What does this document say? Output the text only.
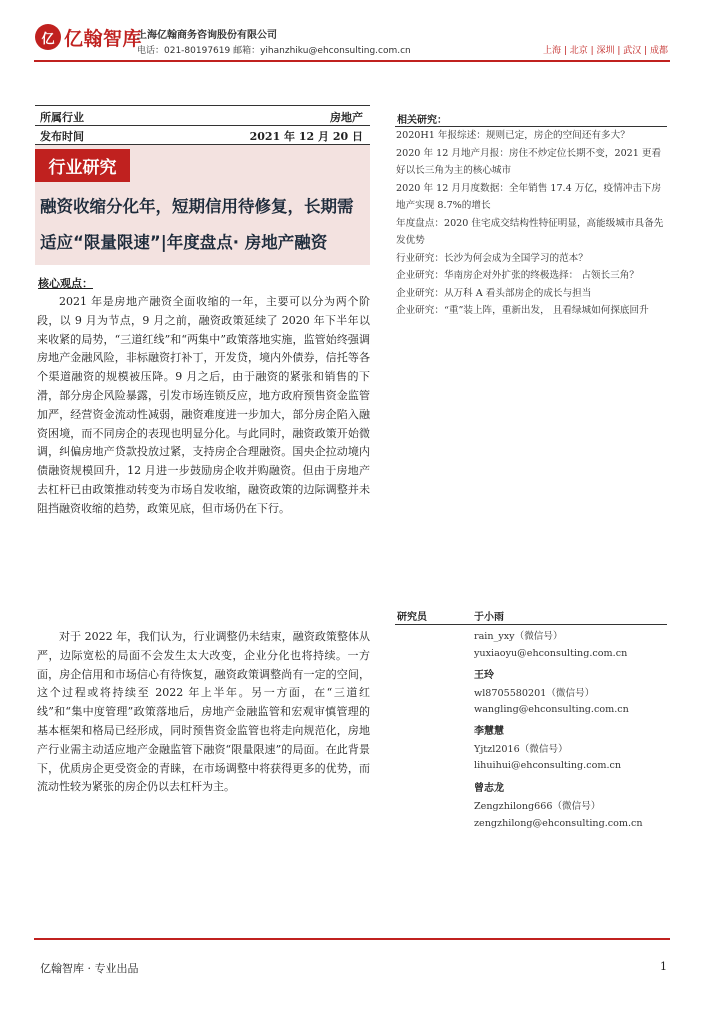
亿 亿翰智库
上海亿翰商务咨询股份有限公司
电话：021-80197619 邮箱：yihanzhiku@ehconsulting.com.cn	上海 | 北京 | 深圳 | 武汉 | 成都
所属行业	房地产
发布时间	2021 年 12 月 20 日
行业研究
融资收缩分化年，短期信用待修复，长期需适应“限量限速”|年度盘点· 房地产融资
核心观点：
2021 年是房地产融资全面收缩的一年，主要可以分为两个阶段，以 9 月为节点，9 月之前，融资政策延续了 2020 年下半年以来收紧的局势，“三道红线”和“两集中”政策落地实施，监管始终强调房地产金融风险，非标融资打补丁，开发贷，境内外债券，信托等各个渠道融资的规模被压降。9 月之后，由于融资的紧张和销售的下滑，部分房企风险暴露，引发市场连锁反应，地方政府预售资金监管加严，经营资金流动性减弱，融资难度进一步加大，部分房企陷入融资困境，而不同房企的表现也明显分化。与此同时，融资政策开始微调，纠偏房地产贷款投放过紧，支持房企合理融资。国央企拉动境内债融资规模回升，12 月进一步鼓励房企收并购融资。但由于房地产去杠杆已由政策推动转变为市场自发收缩，融资政策的边际调整并未阻挡融资收缩的趋势，政策见底，但市场仍在下行。
对于 2022 年，我们认为，行业调整仍未结束，融资政策整体从严，边际宽松的局面不会发生太大改变，企业分化也将持续。一方面，房企信用和市场信心有待恢复，融资政策调整尚有一定的空间，这个过程或将持续至 2022 年上半年。另一方面，在“三道红线”和“集中度管理”政策落地后，房地产金融监管和宏观审慎管理的基本框架和格局已经形成，同时预售资金监管也将走向规范化，房地产行业需主动适应地产金融监管下融资“限量限速”的局面。在此背景下，优质房企更受资金的青睐，在市场调整中将获得更多的优势，而流动性较为紧张的房企仍以去杠杆为主。
相关研究：
2020H1 年报综述：规则已定，房企的空间还有多大？
2020 年 12 月地产月报：房住不炒定位长期不变，2021 更看好以长三角为主的核心城市
2020 年 12 月月度数据：全年销售 17.4 万亿，疫情冲击下房地产实现 8.7%的增长
年度盘点：2020 住宅成交结构性特征明显，高能级城市具备先发优势
行业研究：长沙为何会成为全国学习的范本？
企业研究：华南房企对外扩张的终极选择： 占领长三角？
企业研究：从万科 A 看头部房企的成长与担当
企业研究：“重”装上阵，重新出发， 且看绿城如何探底回升
研究员	于小雨
rain_yxy（微信号）
yuxiaoyu@ehconsulting.com.cn
王玲
wl8705580201（微信号）
wangling@ehconsulting.com.cn
李慧慧
Yjtzl2016（微信号）
lihuihui@ehconsulting.com.cn
曾志龙
Zengzhilong666（微信号）
zengzhilong@ehconsulting.com.cn
亿翰智库 · 专业出品	1
